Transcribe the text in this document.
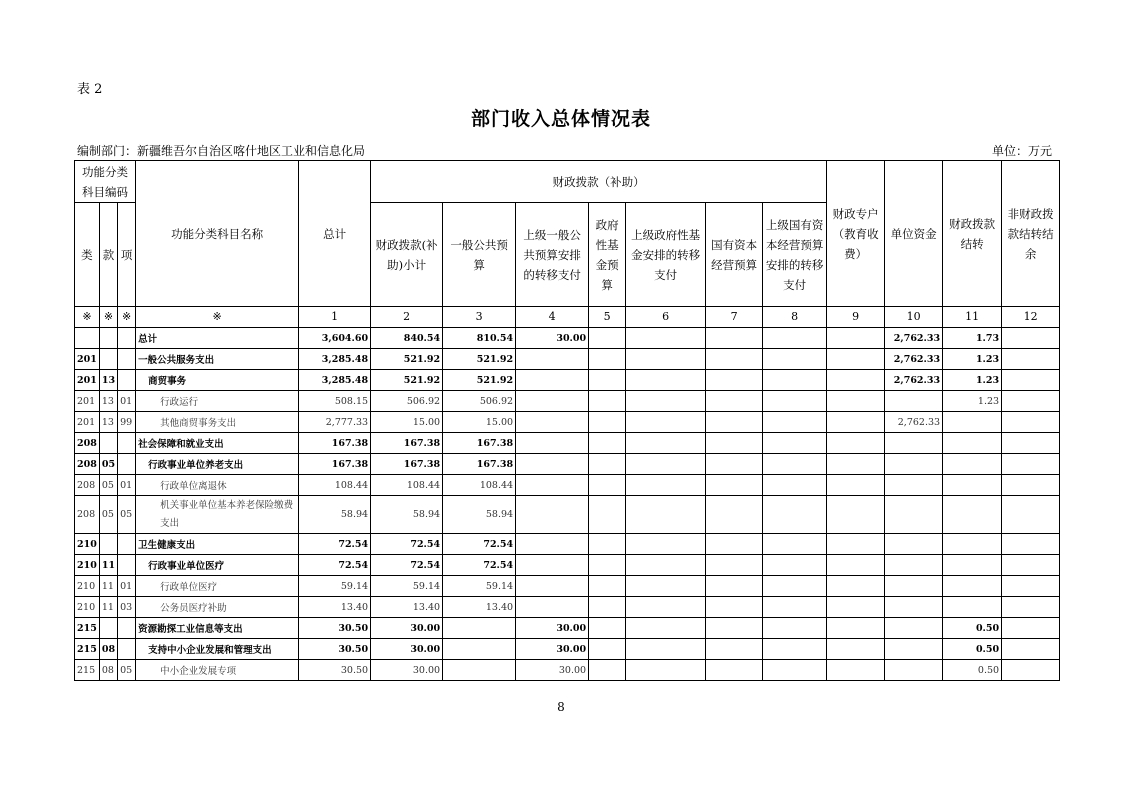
表 2
部门收入总体情况表
编制部门：新疆维吾尔自治区喀什地区工业和信息化局	单位：万元
功能分类科目编码			功能分类科目名称	总计	财政拨款（补助）							财政专户（教育收费）	单位资金	财政拨款结转	非财政拨款结转结余
类	款	项			财政拨款(补助)小计	一般公共预算	上级一般公共预算安排的转移支付	政府性基金预算	上级政府性基金安排的转移支付	国有资本经营预算	上级国有资本经营预算安排的转移支付				
※	※	※	※	1	2	3	4	5	6	7	8	9	10	11	12
			总计	3,604.60	840.54	810.54	30.00						2,762.33	1.73	
201			一般公共服务支出	3,285.48	521.92	521.92							2,762.33	1.23	
201	13		商贸事务	3,285.48	521.92	521.92							2,762.33	1.23	
201	13	01	行政运行	508.15	506.92	506.92								1.23	
201	13	99	其他商贸事务支出	2,777.33	15.00	15.00							2,762.33		
208			社会保障和就业支出	167.38	167.38	167.38									
208	05		行政事业单位养老支出	167.38	167.38	167.38									
208	05	01	行政单位离退休	108.44	108.44	108.44									
208	05	05	机关事业单位基本养老保险缴费支出	58.94	58.94	58.94									
210			卫生健康支出	72.54	72.54	72.54									
210	11		行政事业单位医疗	72.54	72.54	72.54									
210	11	01	行政单位医疗	59.14	59.14	59.14									
210	11	03	公务员医疗补助	13.40	13.40	13.40									
215			资源勘探工业信息等支出	30.50	30.00		30.00							0.50	
215	08		支持中小企业发展和管理支出	30.50	30.00		30.00							0.50	
215	08	05	中小企业发展专项	30.50	30.00		30.00							0.50	
8
